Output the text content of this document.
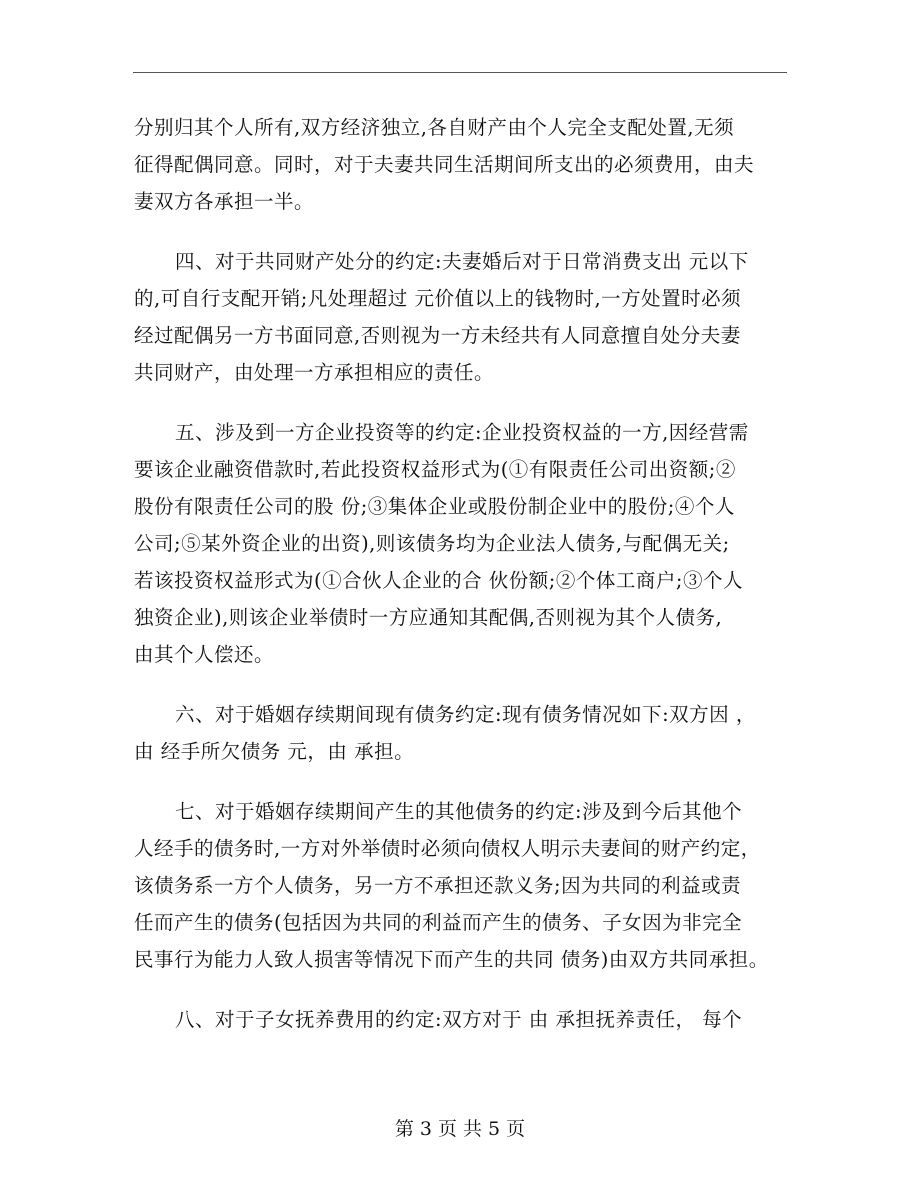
分别归其个人所有,双方经济独立,各自财产由个人完全支配处置,无须
征得配偶同意。同时，对于夫妻共同生活期间所支出的必须费用，由夫
妻双方各承担一半。
四、对于共同财产处分的约定:夫妻婚后对于日常消费支出 元以下
的,可自行支配开销;凡处理超过 元价值以上的钱物时,一方处置时必须
经过配偶另一方书面同意,否则视为一方未经共有人同意擅自处分夫妻
共同财产，由处理一方承担相应的责任。
五、涉及到一方企业投资等的约定:企业投资权益的一方,因经营需
要该企业融资借款时,若此投资权益形式为(①有限责任公司出资额;②
股份有限责任公司的股 份;③集体企业或股份制企业中的股份;④个人
公司;⑤某外资企业的出资),则该债务均为企业法人债务,与配偶无关;
若该投资权益形式为(①合伙人企业的合 伙份额;②个体工商户;③个人
独资企业),则该企业举债时一方应通知其配偶,否则视为其个人债务,
由其个人偿还。
六、对于婚姻存续期间现有债务约定:现有债务情况如下:双方因 ，
由 经手所欠债务 元，由 承担。
七、对于婚姻存续期间产生的其他债务的约定:涉及到今后其他个
人经手的债务时,一方对外举债时必须向债权人明示夫妻间的财产约定，
该债务系一方个人债务，另一方不承担还款义务;因为共同的利益或责
任而产生的债务(包括因为共同的利益而产生的债务、子女因为非完全
民事行为能力人致人损害等情况下而产生的共同 债务)由双方共同承担。
八、对于子女抚养费用的约定:双方对于 由 承担抚养责任， 每个
第 3 页 共 5 页
